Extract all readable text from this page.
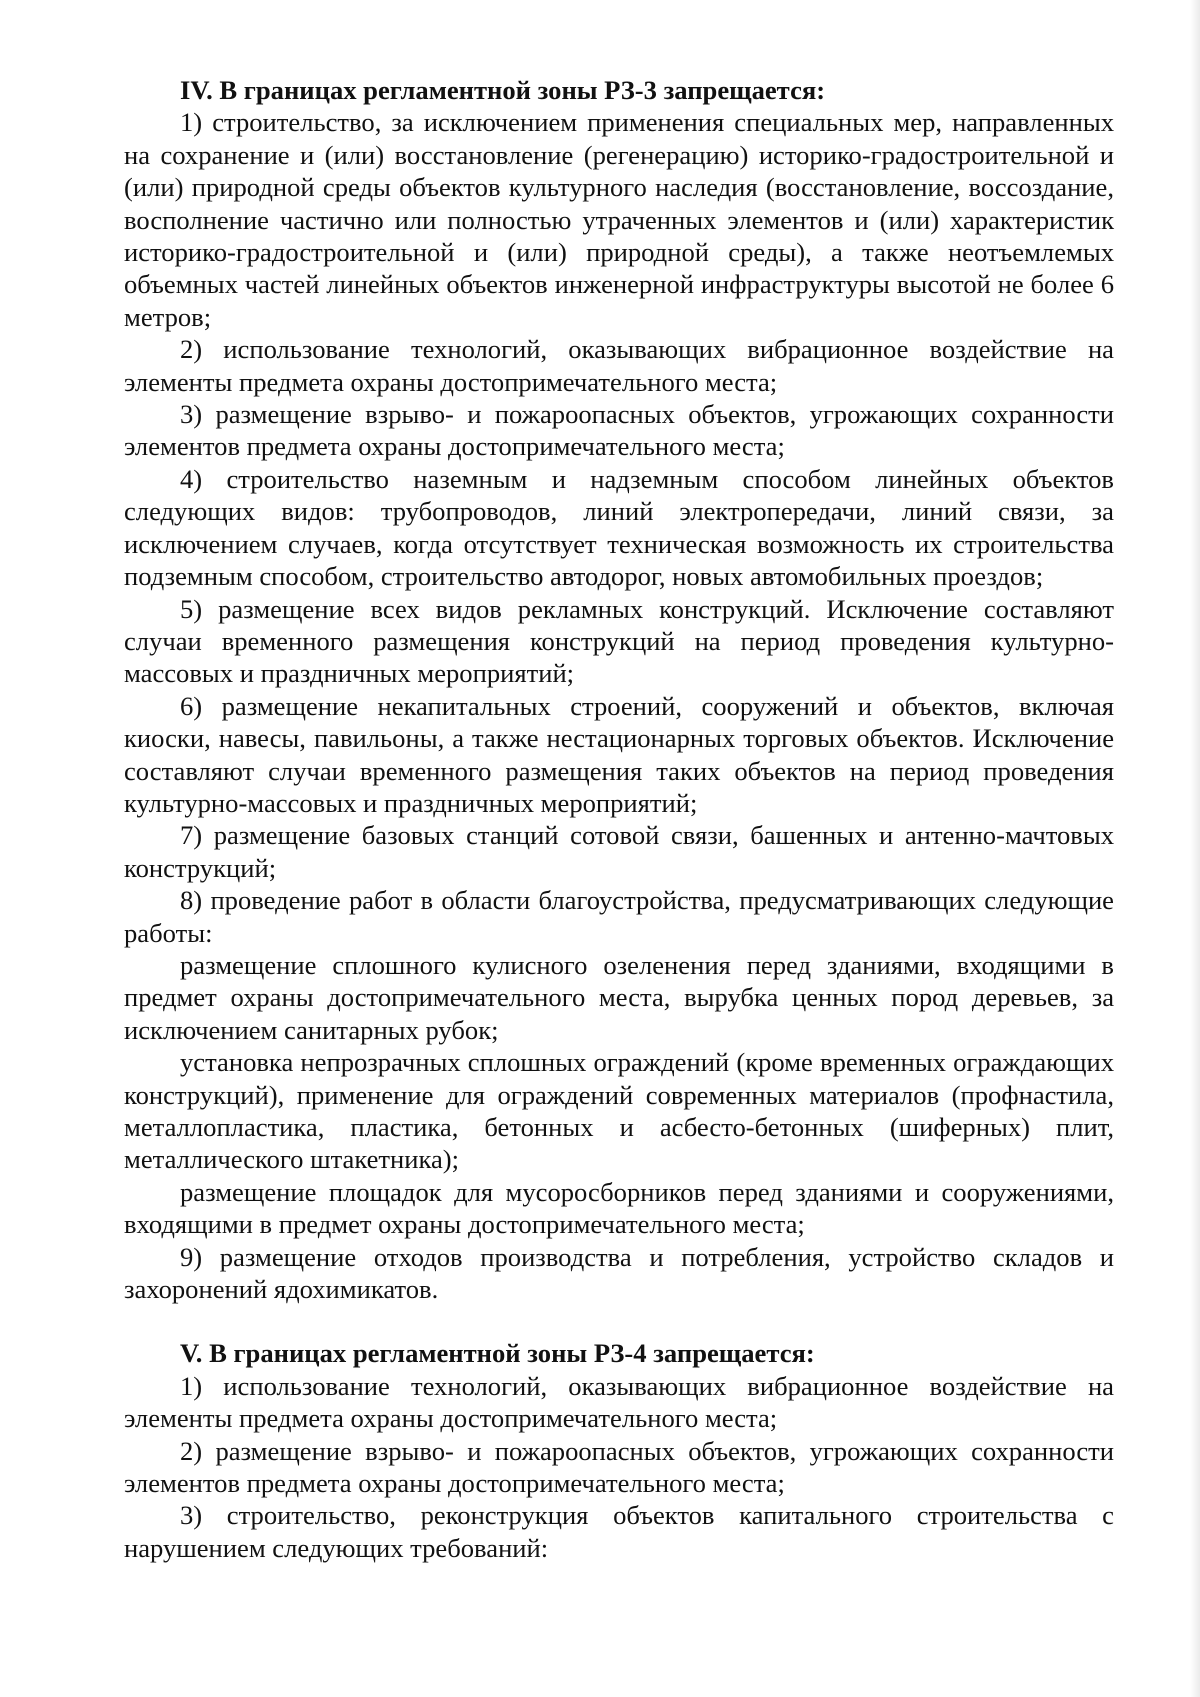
IV. В границах регламентной зоны РЗ-3 запрещается:

1) строительство, за исключением применения специальных мер, направленных на сохранение и (или) восстановление (регенерацию) историко-градостроительной и (или) природной среды объектов культурного наследия (восстановление, воссоздание, восполнение частично или полностью утраченных элементов и (или) характеристик историко-градостроительной и (или) природной среды), а также неотъемлемых объемных частей линейных объектов инженерной инфраструктуры высотой не более 6 метров;

2) использование технологий, оказывающих вибрационное воздействие на элементы предмета охраны достопримечательного места;

3) размещение взрыво- и пожароопасных объектов, угрожающих сохранности элементов предмета охраны достопримечательного места;

4) строительство наземным и надземным способом линейных объектов следующих видов: трубопроводов, линий электропередачи, линий связи, за исключением случаев, когда отсутствует техническая возможность их строительства подземным способом, строительство автодорог, новых автомобильных проездов;

5) размещение всех видов рекламных конструкций. Исключение составляют случаи временного размещения конструкций на период проведения культурно-массовых и праздничных мероприятий;

6) размещение некапитальных строений, сооружений и объектов, включая киоски, навесы, павильоны, а также нестационарных торговых объектов. Исключение составляют случаи временного размещения таких объектов на период проведения культурно-массовых и праздничных мероприятий;

7) размещение базовых станций сотовой связи, башенных и антенно-мачтовых конструкций;

8) проведение работ в области благоустройства, предусматривающих следующие работы:

размещение сплошного кулисного озеленения перед зданиями, входящими в предмет охраны достопримечательного места, вырубка ценных пород деревьев, за исключением санитарных рубок;

установка непрозрачных сплошных ограждений (кроме временных ограждающих конструкций), применение для ограждений современных материалов (профнастила, металлопластика, пластика, бетонных и асбесто-бетонных (шиферных) плит, металлического штакетника);

размещение площадок для мусоросборников перед зданиями и сооружениями, входящими в предмет охраны достопримечательного места;

9) размещение отходов производства и потребления, устройство складов и захоронений ядохимикатов.

V. В границах регламентной зоны РЗ-4 запрещается:

1) использование технологий, оказывающих вибрационное воздействие на элементы предмета охраны достопримечательного места;

2) размещение взрыво- и пожароопасных объектов, угрожающих сохранности элементов предмета охраны достопримечательного места;

3) строительство, реконструкция объектов капитального строительства с нарушением следующих требований:
